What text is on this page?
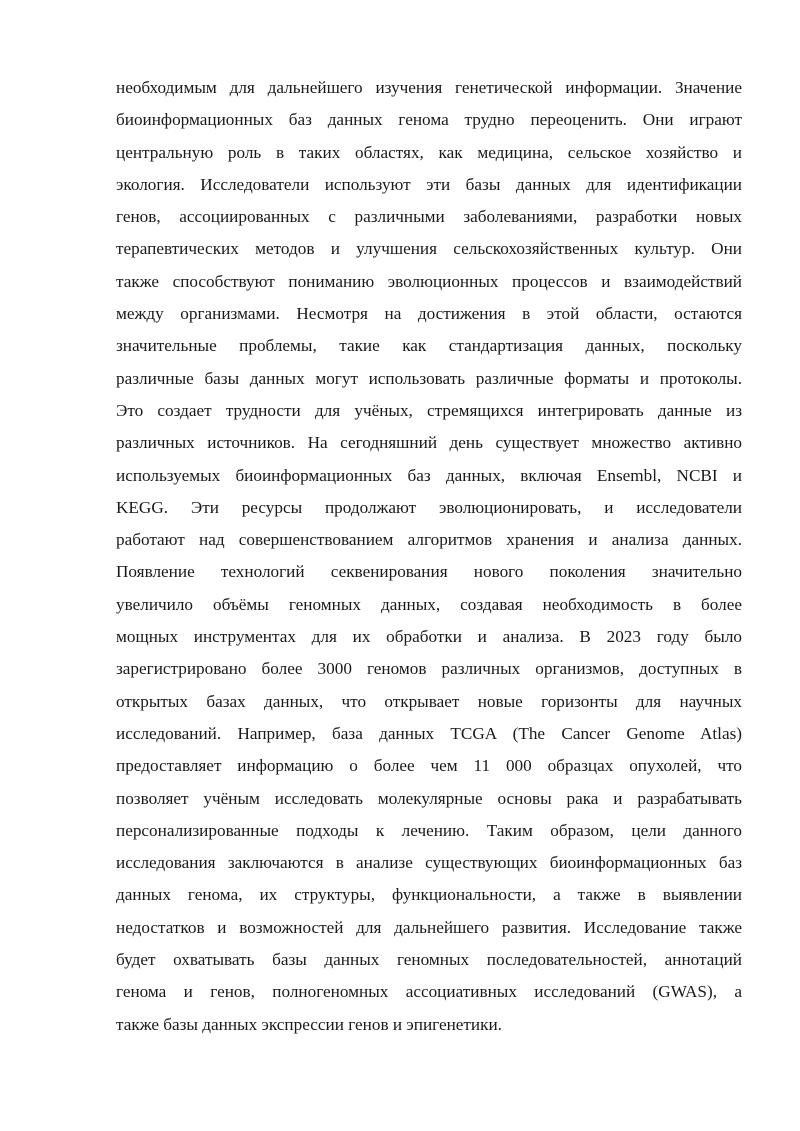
необходимым для дальнейшего изучения генетической информации. Значение
биоинформационных баз данных генома трудно переоценить. Они играют
центральную роль в таких областях, как медицина, сельское хозяйство и
экология. Исследователи используют эти базы данных для идентификации
генов, ассоциированных с различными заболеваниями, разработки новых
терапевтических методов и улучшения сельскохозяйственных культур. Они
также способствуют пониманию эволюционных процессов и взаимодействий
между организмами. Несмотря на достижения в этой области, остаются
значительные проблемы, такие как стандартизация данных, поскольку
различные базы данных могут использовать различные форматы и протоколы.
Это создает трудности для учёных, стремящихся интегрировать данные из
различных источников. На сегодняшний день существует множество активно
используемых биоинформационных баз данных, включая Ensembl, NCBI и
KEGG. Эти ресурсы продолжают эволюционировать, и исследователи
работают над совершенствованием алгоритмов хранения и анализа данных.
Появление технологий секвенирования нового поколения значительно
увеличило объёмы геномных данных, создавая необходимость в более
мощных инструментах для их обработки и анализа. В 2023 году было
зарегистрировано более 3000 геномов различных организмов, доступных в
открытых базах данных, что открывает новые горизонты для научных
исследований. Например, база данных TCGA (The Cancer Genome Atlas)
предоставляет информацию о более чем 11 000 образцах опухолей, что
позволяет учёным исследовать молекулярные основы рака и разрабатывать
персонализированные подходы к лечению. Таким образом, цели данного
исследования заключаются в анализе существующих биоинформационных баз
данных генома, их структуры, функциональности, а также в выявлении
недостатков и возможностей для дальнейшего развития. Исследование также
будет охватывать базы данных геномных последовательностей, аннотаций
генома и генов, полногеномных ассоциативных исследований (GWAS), а
также базы данных экспрессии генов и эпигенетики.
